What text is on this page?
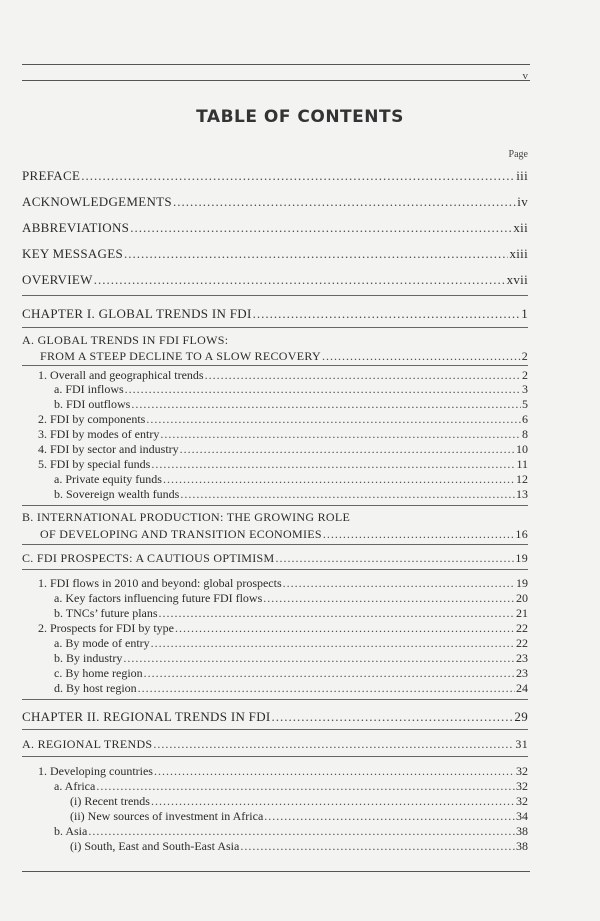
v
TABLE OF CONTENTS
Page
PREFACE .....	iii
ACKNOWLEDGEMENTS .....	iv
ABBREVIATIONS .....	xii
KEY MESSAGES .....	xiii
OVERVIEW .....	xvii
CHAPTER I. GLOBAL TRENDS IN FDI .....	1
A. GLOBAL TRENDS IN FDI FLOWS:
FROM A STEEP DECLINE TO A SLOW RECOVERY .....	2
1. Overall and geographical trends .....	2
a. FDI inflows .....	3
b. FDI outflows .....	5
2. FDI by components .....	6
3. FDI by modes of entry .....	8
4. FDI by sector and industry .....	10
5. FDI by special funds .....	11
a. Private equity funds .....	12
b. Sovereign wealth funds .....	13
B. INTERNATIONAL PRODUCTION: THE GROWING ROLE
OF DEVELOPING AND TRANSITION ECONOMIES .....	16
C. FDI PROSPECTS: A CAUTIOUS OPTIMISM .....	19
1. FDI flows in 2010 and beyond: global prospects .....	19
a. Key factors influencing future FDI flows .....	20
b. TNCs’ future plans .....	21
2. Prospects for FDI by type .....	22
a. By mode of entry .....	22
b. By industry .....	23
c. By home region .....	23
d. By host region .....	24
CHAPTER II. REGIONAL TRENDS IN FDI .....	29
A. REGIONAL TRENDS .....	31
1. Developing countries .....	32
a. Africa .....	32
(i) Recent trends .....	32
(ii) New sources of investment in Africa .....	34
b. Asia .....	38
(i) South, East and South-East Asia .....	38
